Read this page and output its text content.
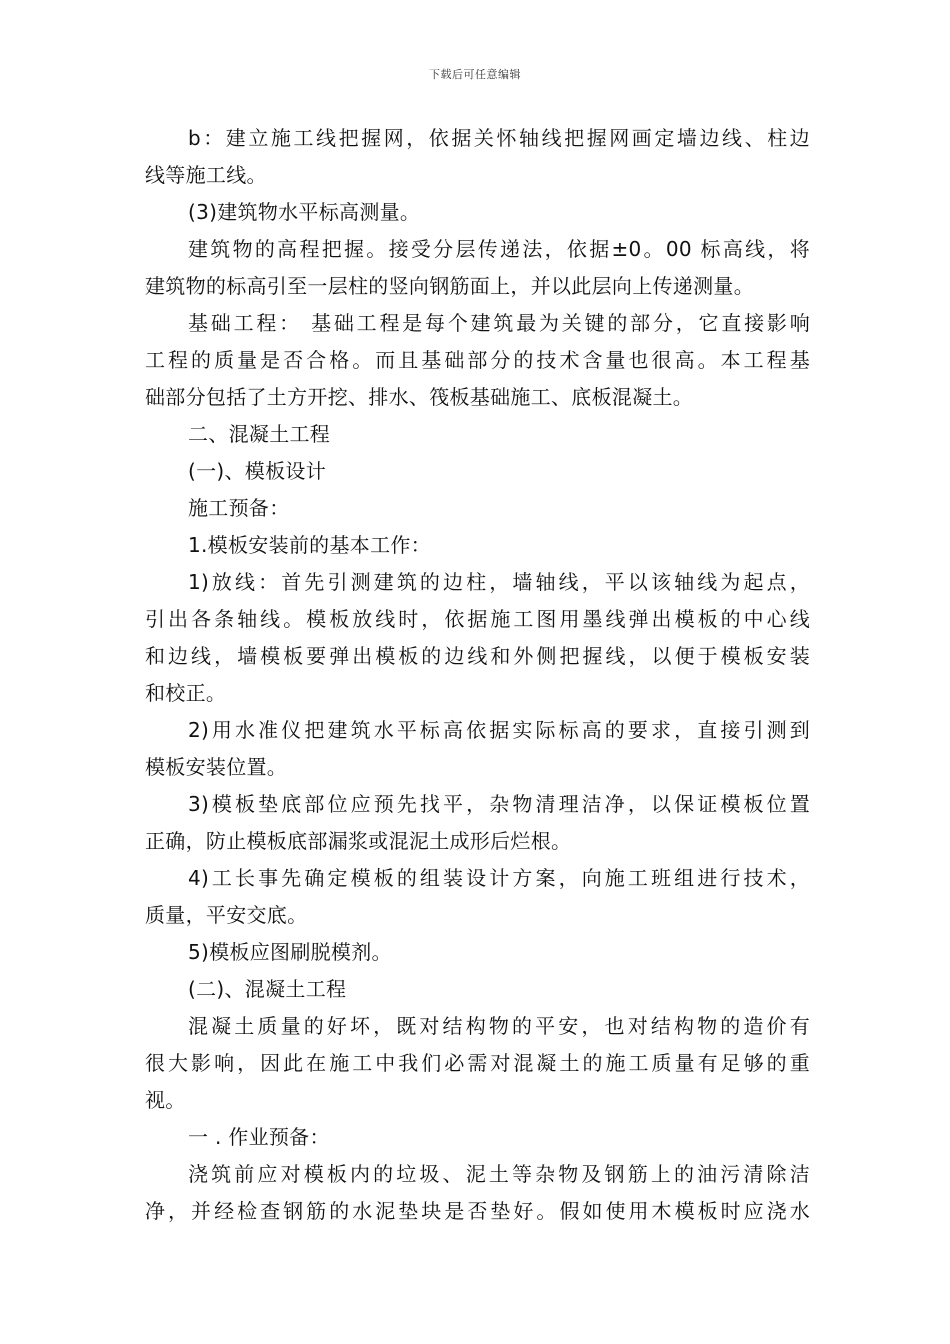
下载后可任意编辑
b：建立施工线把握网，依据关怀轴线把握网画定墙边线、柱边
线等施工线。
(3)建筑物水平标高测量。
建筑物的高程把握。接受分层传递法，依据±0。00 标高线，将
建筑物的标高引至一层柱的竖向钢筋面上，并以此层向上传递测量。
基础工程： 基础工程是每个建筑最为关键的部分，它直接影响
工程的质量是否合格。而且基础部分的技术含量也很高。本工程基
础部分包括了土方开挖、排水、筏板基础施工、底板混凝土。
二、混凝土工程
(一)、模板设计
施工预备：
1.模板安装前的基本工作：
1)放线：首先引测建筑的边柱，墙轴线，平以该轴线为起点，
引出各条轴线。模板放线时，依据施工图用墨线弹出模板的中心线
和边线，墙模板要弹出模板的边线和外侧把握线，以便于模板安装
和校正。
2)用水准仪把建筑水平标高依据实际标高的要求，直接引测到
模板安装位置。
3)模板垫底部位应预先找平，杂物清理洁净，以保证模板位置
正确，防止模板底部漏浆或混泥土成形后烂根。
4)工长事先确定模板的组装设计方案，向施工班组进行技术，
质量，平安交底。
5)模板应图刷脱模剂。
(二)、混凝土工程
混凝土质量的好坏，既对结构物的平安，也对结构物的造价有
很大影响，因此在施工中我们必需对混凝土的施工质量有足够的重
视。
一 . 作业预备：
浇筑前应对模板内的垃圾、泥土等杂物及钢筋上的油污清除洁
净，并经检查钢筋的水泥垫块是否垫好。假如使用木模板时应浇水
